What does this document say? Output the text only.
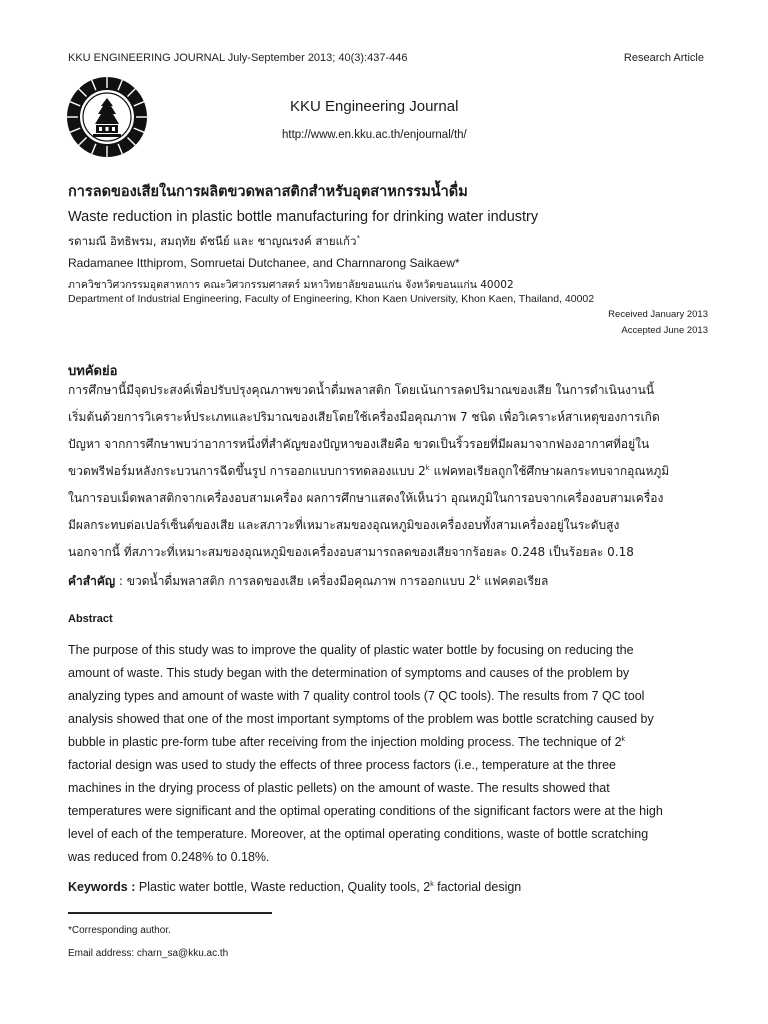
KKU ENGINEERING JOURNAL July-September 2013; 40(3):437-446	Research Article
KKU Engineering Journal
http://www.en.kku.ac.th/enjournal/th/
การลดของเสียในการผลิตขวดพลาสติกสำหรับอุตสาหกรรมน้ำดื่ม
Waste reduction in plastic bottle manufacturing for drinking water industry
รดามณี อิทธิพรม, สมฤทัย ดัชนีย์ และ ชาญณรงค์ สายแก้ว*
Radamanee Itthiprom, Somruetai Dutchanee, and Charnnarong Saikaew*
ภาควิชาวิศวกรรมอุตสาหการ คณะวิศวกรรมศาสตร์ มหาวิทยาลัยขอนแก่น จังหวัดขอนแก่น 40002
Department of Industrial Engineering, Faculty of Engineering, Khon Kaen University, Khon Kaen, Thailand, 40002
Received January 2013
Accepted June 2013
บทคัดย่อ
การศึกษานี้มีจุดประสงค์เพื่อปรับปรุงคุณภาพขวดน้ำดื่มพลาสติก โดยเน้นการลดปริมาณของเสีย ในการดำเนินงานนี้
เริ่มต้นด้วยการวิเคราะห์ประเภทและปริมาณของเสียโดยใช้เครื่องมือคุณภาพ 7 ชนิด เพื่อวิเคราะห์สาเหตุของการเกิด
ปัญหา จากการศึกษาพบว่าอาการหนึ่งที่สำคัญของปัญหาของเสียคือ ขวดเป็นริ้วรอยที่มีผลมาจากฟองอากาศที่อยู่ใน
ขวดพรีฟอร์มหลังกระบวนการฉีดขึ้นรูป การออกแบบการทดลองแบบ 2$^k$ แฟคทอเรียลถูกใช้ศึกษาผลกระทบจากอุณหภูมิ
ในการอบเม็ดพลาสติกจากเครื่องอบสามเครื่อง ผลการศึกษาแสดงให้เห็นว่า อุณหภูมิในการอบจากเครื่องอบสามเครื่อง
มีผลกระทบต่อเปอร์เซ็นต์ของเสีย และสภาวะที่เหมาะสมของอุณหภูมิของเครื่องอบทั้งสามเครื่องอยู่ในระดับสูง
นอกจากนี้ ที่สภาวะที่เหมาะสมของอุณหภูมิของเครื่องอบสามารถลดของเสียจากร้อยละ 0.248 เป็นร้อยละ 0.18
คำสำคัญ : ขวดน้ำดื่มพลาสติก การลดของเสีย เครื่องมือคุณภาพ การออกแบบ 2$^k$ แฟคตอเรียล
Abstract
The purpose of this study was to improve the quality of plastic water bottle by focusing on reducing the
amount of waste. This study began with the determination of symptoms and causes of the problem by
analyzing types and amount of waste with 7 quality control tools (7 QC tools). The results from 7 QC tool
analysis showed that one of the most important symptoms of the problem was bottle scratching caused by
bubble in plastic pre-form tube after receiving from the injection molding process. The technique of 2$^k$
factorial design was used to study the effects of three process factors (i.e., temperature at the three
machines in the drying process of plastic pellets) on the amount of waste. The results showed that
temperatures were significant and the optimal operating conditions of the significant factors were at the high
level of each of the temperature. Moreover, at the optimal operating conditions, waste of bottle scratching
was reduced from 0.248% to 0.18%.
Keywords : Plastic water bottle, Waste reduction, Quality tools, 2$^k$ factorial design
*Corresponding author.
Email address: charn_sa@kku.ac.th
